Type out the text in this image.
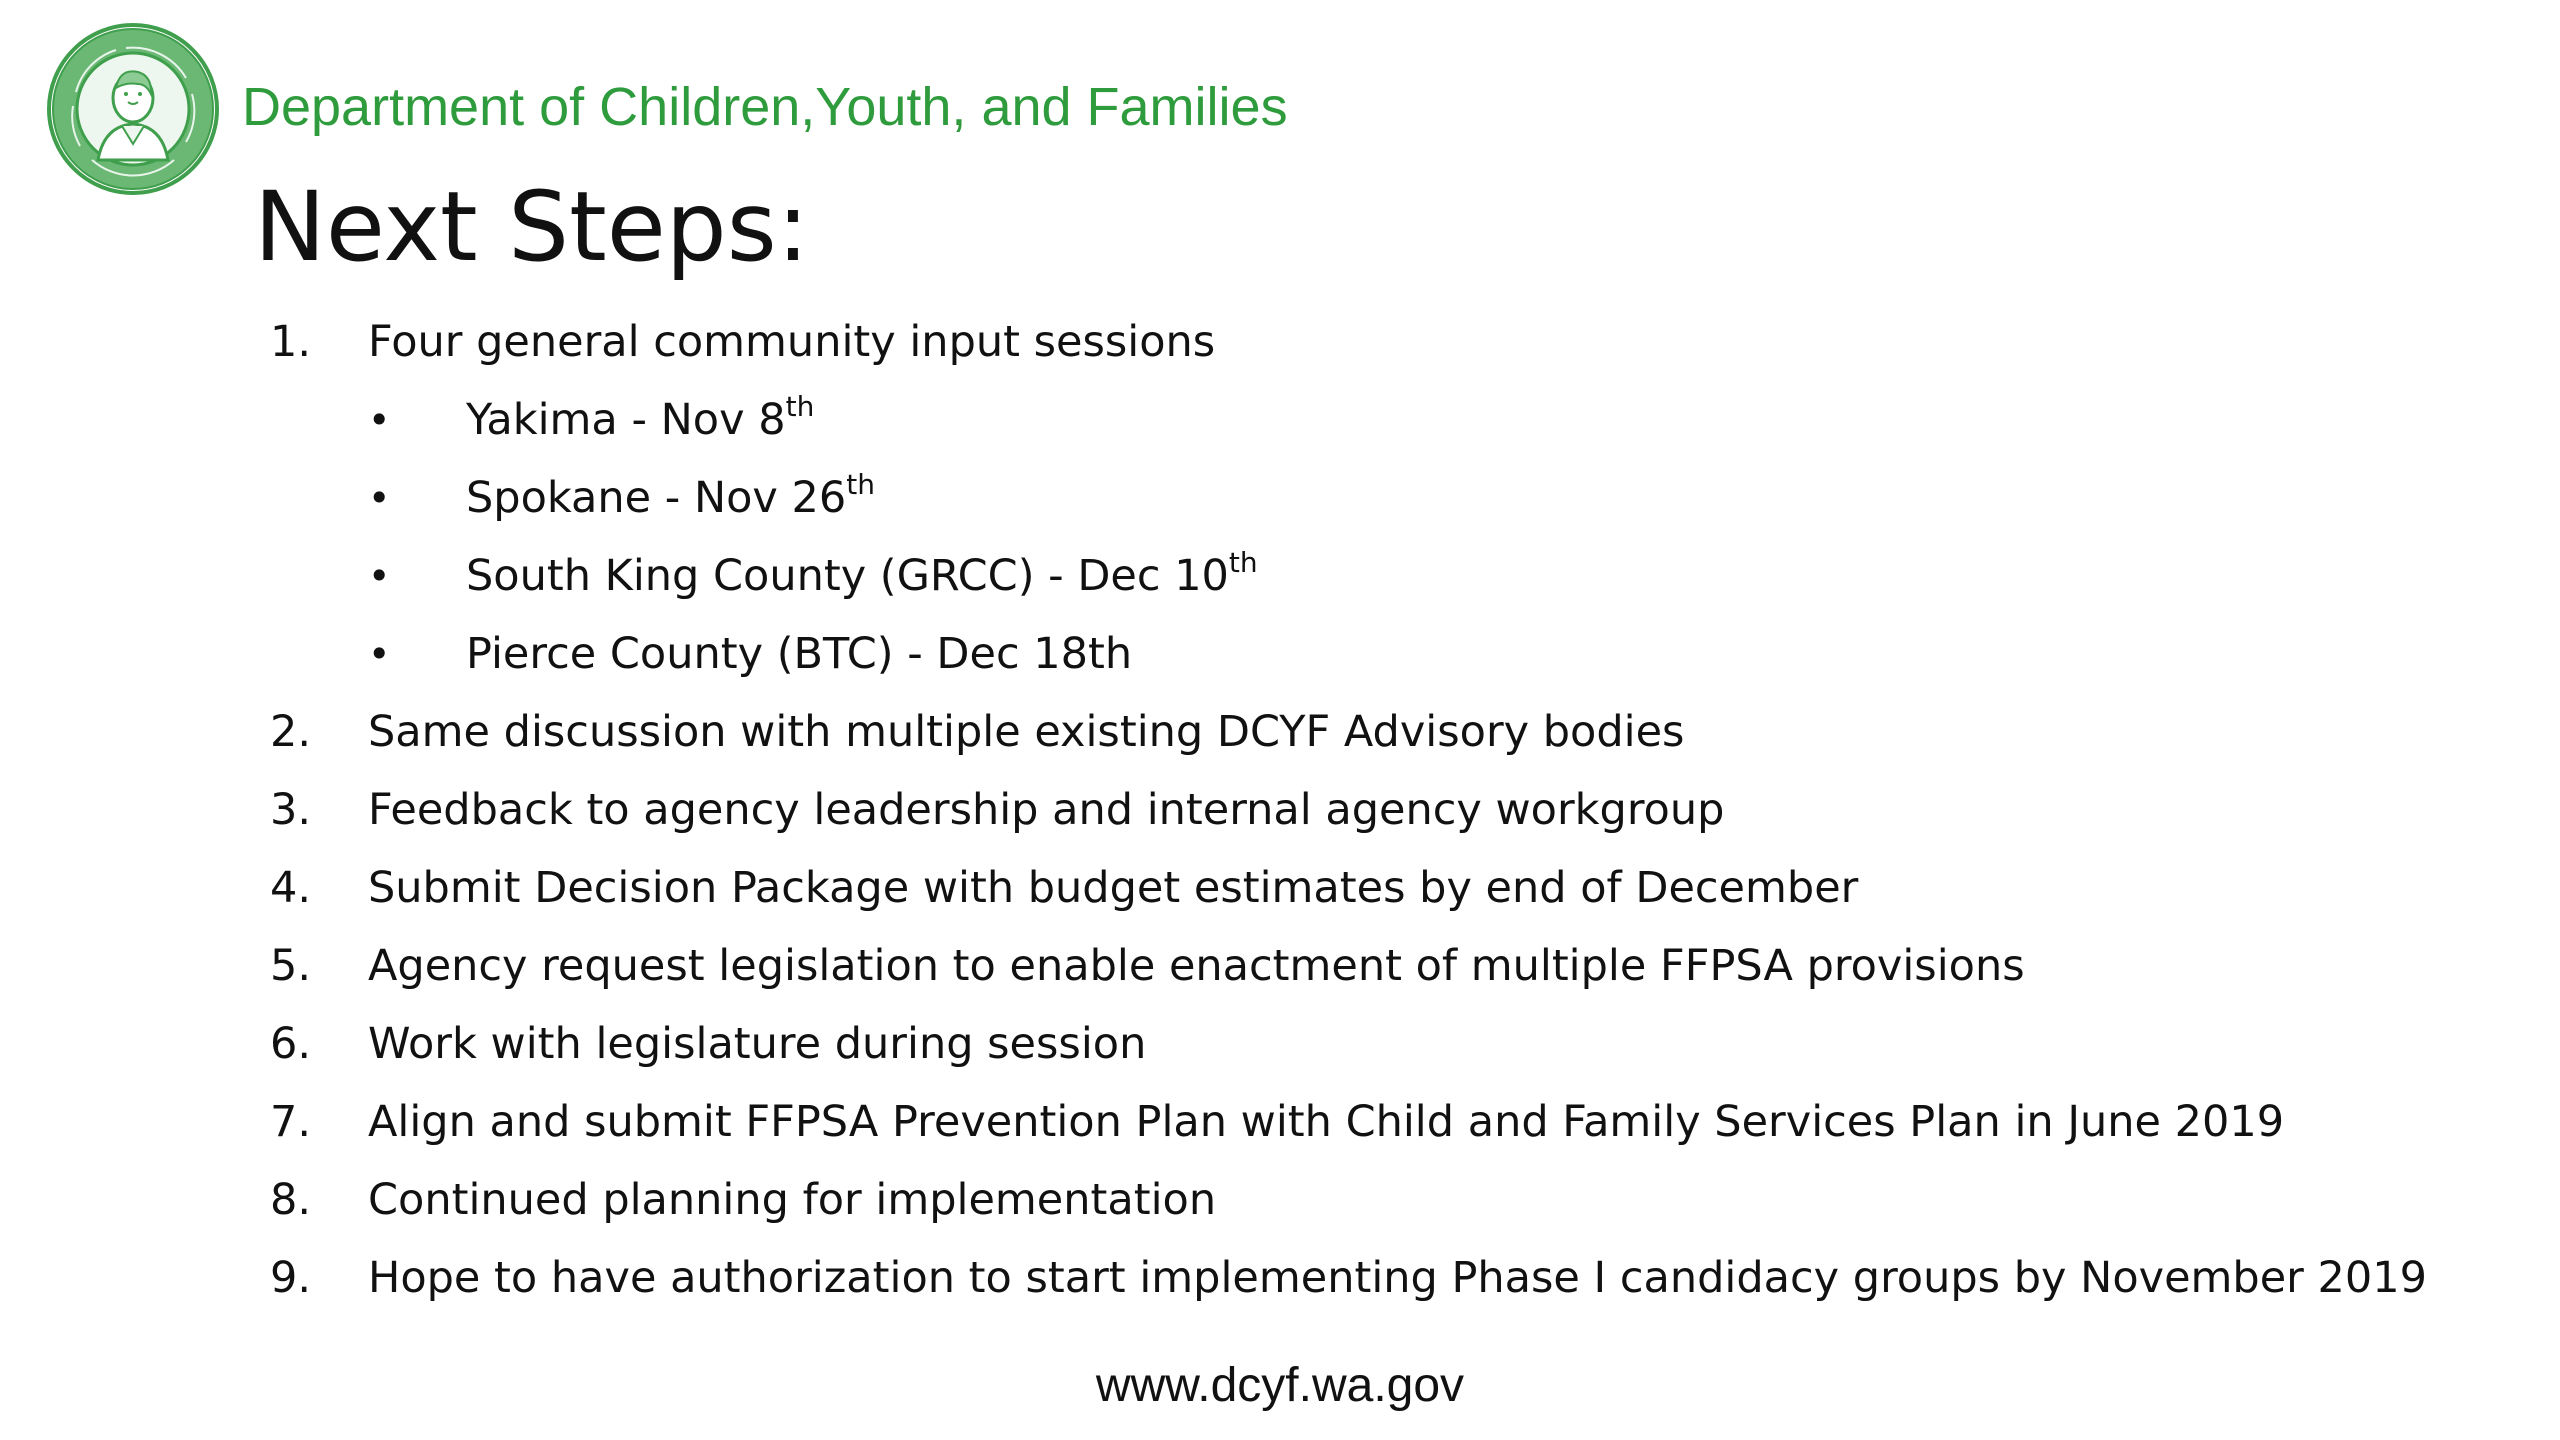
Department of Children,Youth, and Families
Next Steps:
1.	Four general community input sessions
• Yakima - Nov 8th
• Spokane - Nov 26th
• South King County (GRCC) - Dec 10th
• Pierce County (BTC) - Dec 18th
2.	Same discussion with multiple existing DCYF Advisory bodies
3.	Feedback to agency leadership and internal agency workgroup
4.	Submit Decision Package with budget estimates by end of December
5.	Agency request legislation to enable enactment of multiple FFPSA provisions
6.	Work with legislature during session
7.	Align and submit FFPSA Prevention Plan with Child and Family Services Plan in June 2019
8.	Continued planning for implementation
9.	Hope to have authorization to start implementing Phase I candidacy groups by November 2019
www.dcyf.wa.gov
